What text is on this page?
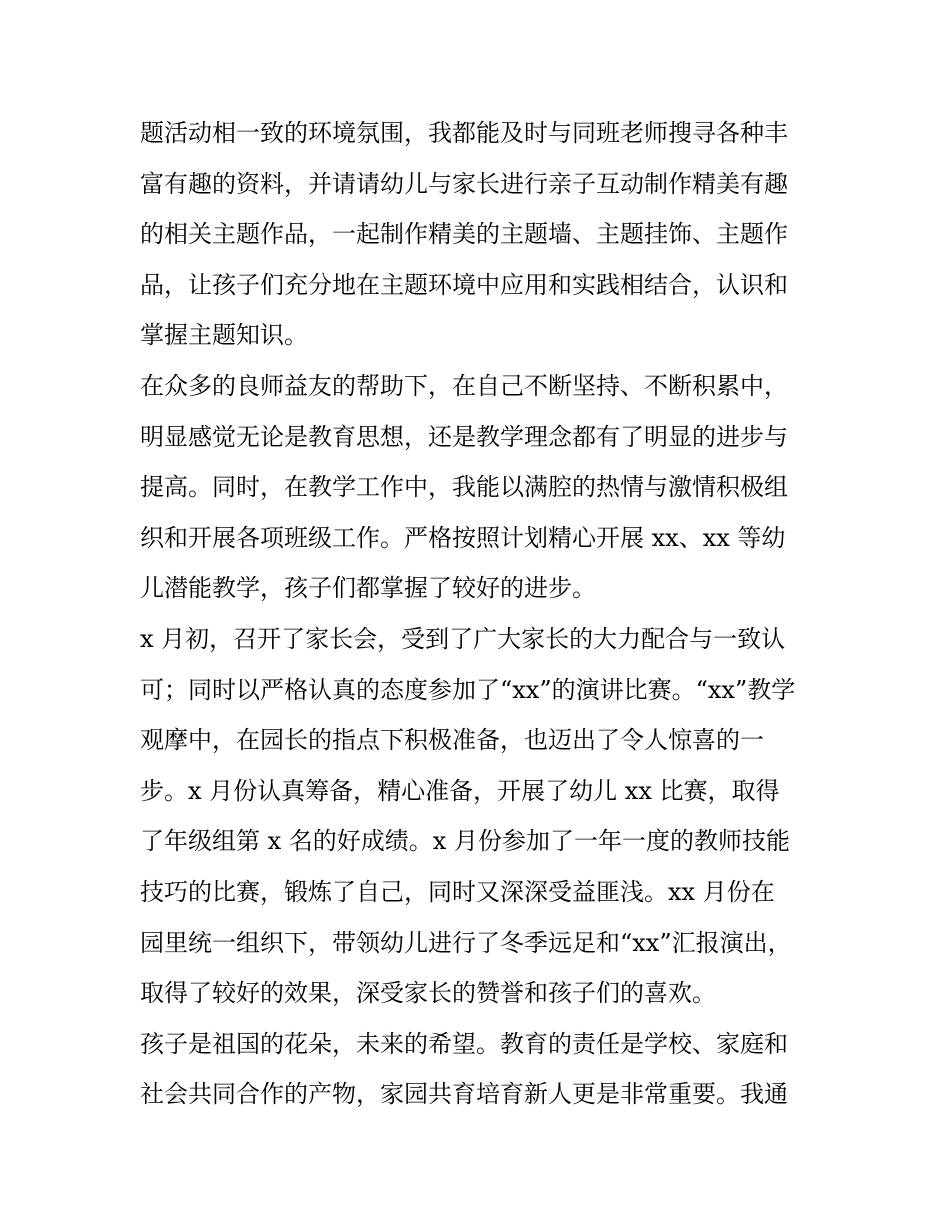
题活动相一致的环境氛围，我都能及时与同班老师搜寻各种丰
富有趣的资料，并请请幼儿与家长进行亲子互动制作精美有趣
的相关主题作品，一起制作精美的主题墙、主题挂饰、主题作
品，让孩子们充分地在主题环境中应用和实践相结合，认识和
掌握主题知识。
在众多的良师益友的帮助下，在自己不断坚持、不断积累中，
明显感觉无论是教育思想，还是教学理念都有了明显的进步与
提高。同时，在教学工作中，我能以满腔的热情与激情积极组
织和开展各项班级工作。严格按照计划精心开展 xx、xx 等幼
儿潜能教学，孩子们都掌握了较好的进步。
x 月初，召开了家长会，受到了广大家长的大力配合与一致认
可；同时以严格认真的态度参加了“xx”的演讲比赛。“xx”教学
观摩中，在园长的指点下积极准备，也迈出了令人惊喜的一
步。x 月份认真筹备，精心准备，开展了幼儿 xx 比赛，取得
了年级组第 x 名的好成绩。x 月份参加了一年一度的教师技能
技巧的比赛，锻炼了自己，同时又深深受益匪浅。xx 月份在
园里统一组织下，带领幼儿进行了冬季远足和“xx”汇报演出，
取得了较好的效果，深受家长的赞誉和孩子们的喜欢。
孩子是祖国的花朵，未来的希望。教育的责任是学校、家庭和
社会共同合作的产物，家园共育培育新人更是非常重要。我通
